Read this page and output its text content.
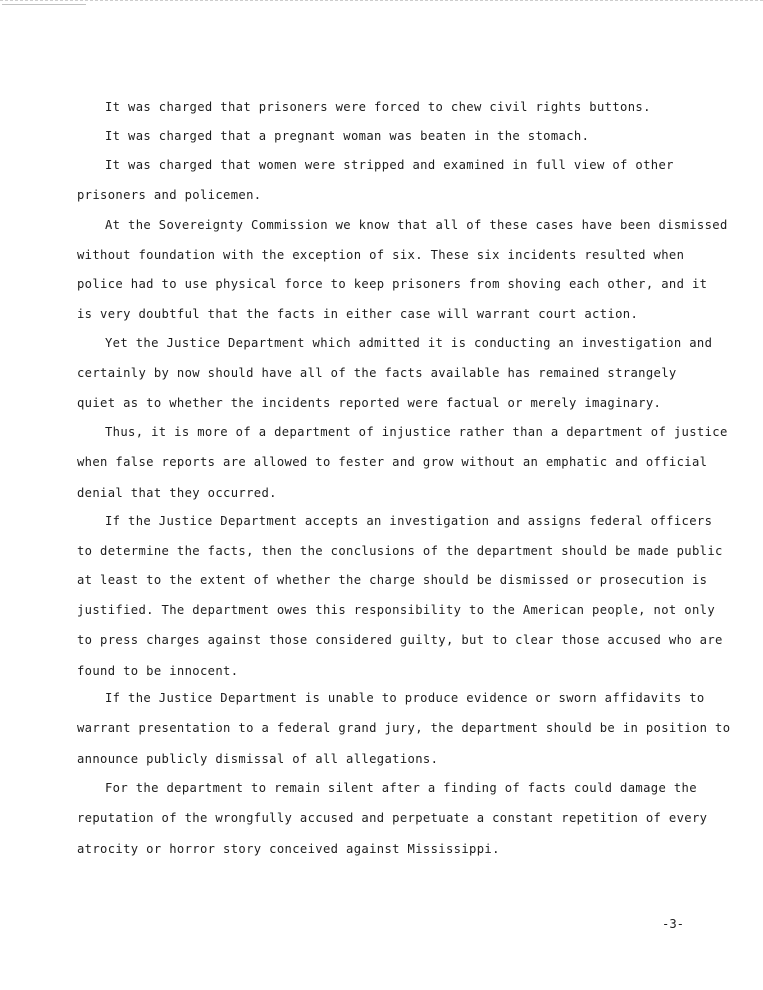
It was charged that prisoners were forced to chew civil rights buttons.
It was charged that a pregnant woman was beaten in the stomach.
It was charged that women were stripped and examined in full view of other
prisoners and policemen.
At the Sovereignty Commission we know that all of these cases have been dismissed
without foundation with the exception of six. These six incidents resulted when
police had to use physical force to keep prisoners from shoving each other, and it
is very doubtful that the facts in either case will warrant court action.
Yet the Justice Department which admitted it is conducting an investigation and
certainly by now should have all of the facts available has remained strangely
quiet as to whether the incidents reported were factual or merely imaginary.
Thus, it is more of a department of injustice rather than a department of justice
when false reports are allowed to fester and grow without an emphatic and official
denial that they occurred.
If the Justice Department accepts an investigation and assigns federal officers
to determine the facts, then the conclusions of the department should be made public
at least to the extent of whether the charge should be dismissed or prosecution is
justified. The department owes this responsibility to the American people, not only
to press charges against those considered guilty, but to clear those accused who are
found to be innocent.
If the Justice Department is unable to produce evidence or sworn affidavits to
warrant presentation to a federal grand jury, the department should be in position to
announce publicly dismissal of all allegations.
For the department to remain silent after a finding of facts could damage the
reputation of the wrongfully accused and perpetuate a constant repetition of every
atrocity or horror story conceived against Mississippi.
-3-
